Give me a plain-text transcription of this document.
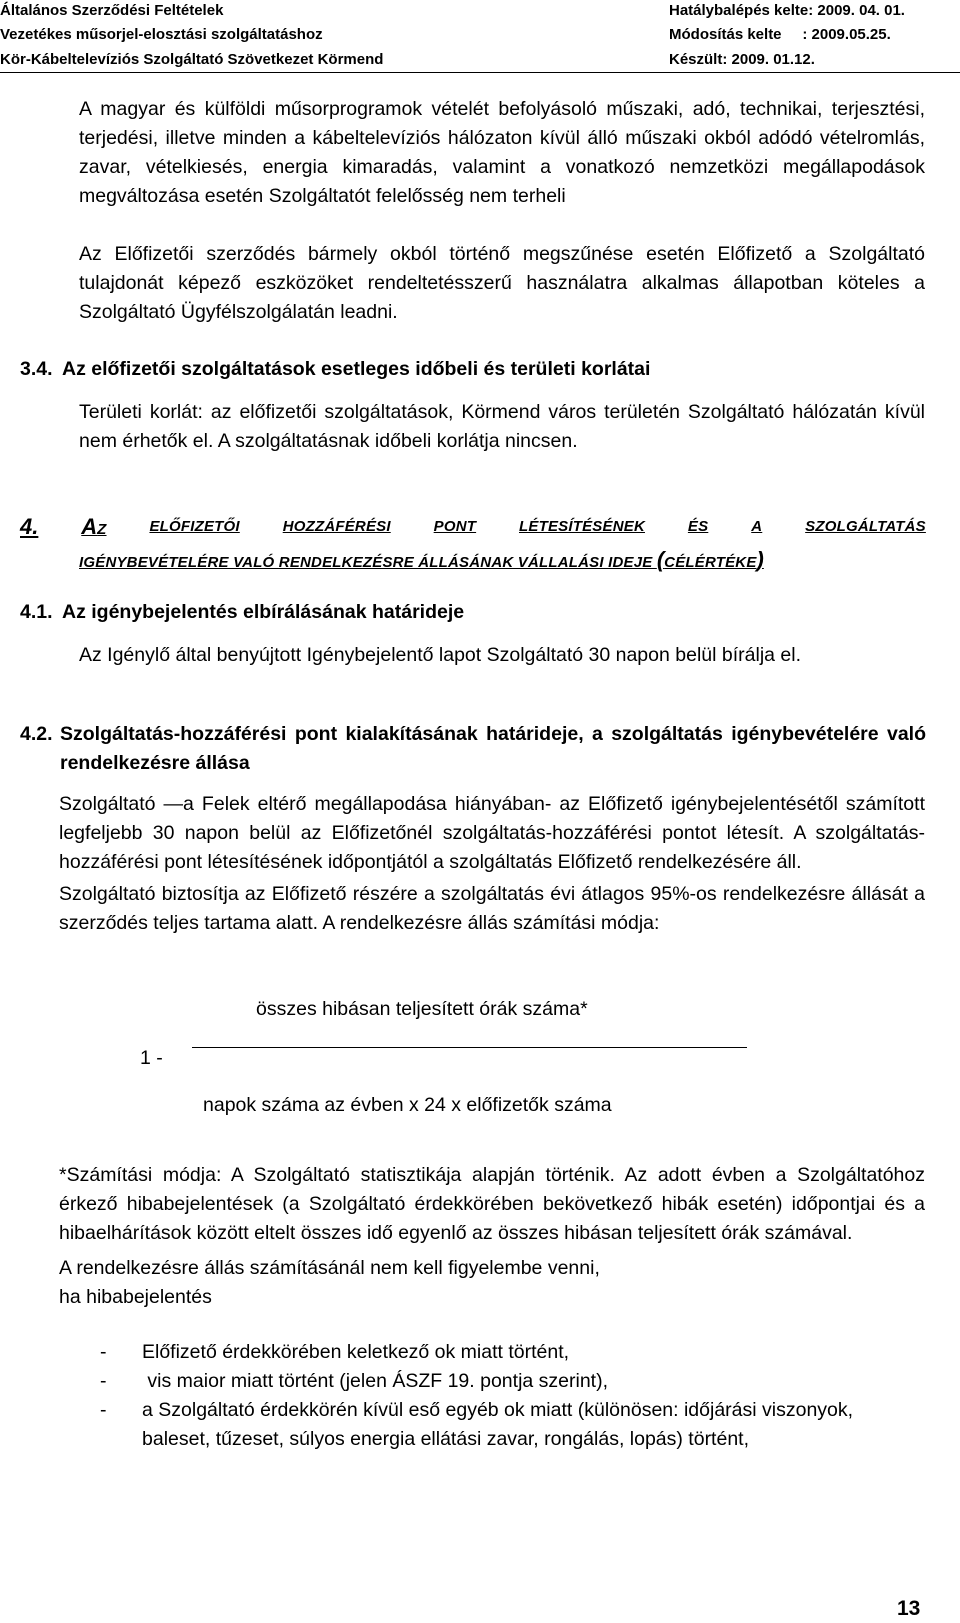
Általános Szerződési Feltételek
Vezetékes műsorjel-elosztási szolgáltatáshoz
Kör-Kábeltelevíziós Szolgáltató Szövetkezet Körmend
Hatálybalépés kelte: 2009. 04. 01.
Módosítás kelte     : 2009.05.25.
Készült: 2009. 01.12.
A magyar és külföldi műsorprogramok vételét befolyásoló műszaki, adó, technikai, terjesztési, terjedési, illetve minden a kábeltelevíziós hálózaton kívül álló műszaki okból adódó vételromlás, zavar, vételkiesés, energia kimaradás, valamint a vonatkozó nemzetközi megállapodások megváltozása esetén Szolgáltatót felelősség nem terheli
Az Előfizetői szerződés bármely okból történő megszűnése esetén Előfizető a Szolgáltató tulajdonát képező eszközöket rendeltetésszerű használatra alkalmas állapotban köteles a Szolgáltató Ügyfélszolgálatán leadni.
3.4. Az előfizetői szolgáltatások esetleges időbeli és területi korlátai
Területi korlát: az előfizetői szolgáltatások, Körmend város területén Szolgáltató hálózatán kívül nem érhetők el. A szolgáltatásnak időbeli korlátja nincsen.
4. AZ	ELŐFIZETŐI	HOZZÁFÉRÉSI	PONT	LÉTESÍTÉSÉNEK	ÉS	A	SZOLGÁLTATÁS
IGÉNYBEVÉTELÉRE VALÓ RENDELKEZÉSRE ÁLLÁSÁNAK VÁLLALÁSI IDEJE (CÉLÉRTÉKE)
4.1. Az igénybejelentés elbírálásának határideje
Az Igénylő által benyújtott Igénybejelentő lapot Szolgáltató 30 napon belül bírálja el.
4.2. Szolgáltatás-hozzáférési pont kialakításának határideje, a szolgáltatás igénybevételére való rendelkezésre állása
Szolgáltató —a Felek eltérő megállapodása hiányában- az Előfizető igénybejelentésétől számított legfeljebb 30 napon belül az Előfizetőnél szolgáltatás-hozzáférési pontot létesít. A szolgáltatás-hozzáférési pont létesítésének időpontjától a szolgáltatás Előfizető rendelkezésére áll.
Szolgáltató biztosítja az Előfizető részére a szolgáltatás évi átlagos 95%-os rendelkezésre állását a szerződés teljes tartama alatt. A rendelkezésre állás számítási módja:
összes hibásan teljesített órák száma*
1 -
napok száma az évben x 24 x előfizetők száma
*Számítási módja: A Szolgáltató statisztikája alapján történik. Az adott évben a Szolgáltatóhoz érkező hibabejelentések (a Szolgáltató érdekkörében bekövetkező hibák esetén) időpontjai és a hibaelhárítások között eltelt összes idő egyenlő az összes hibásan teljesített órák számával.
A rendelkezésre állás számításánál nem kell figyelembe venni,
ha hibabejelentés
-	Előfizető érdekkörében keletkező ok miatt történt,
-	vis maior miatt történt (jelen ÁSZF 19. pontja szerint),
-	a Szolgáltató érdekkörén kívül eső egyéb ok miatt (különösen: időjárási viszonyok, baleset, tűzeset, súlyos energia ellátási zavar, rongálás, lopás) történt,
13
